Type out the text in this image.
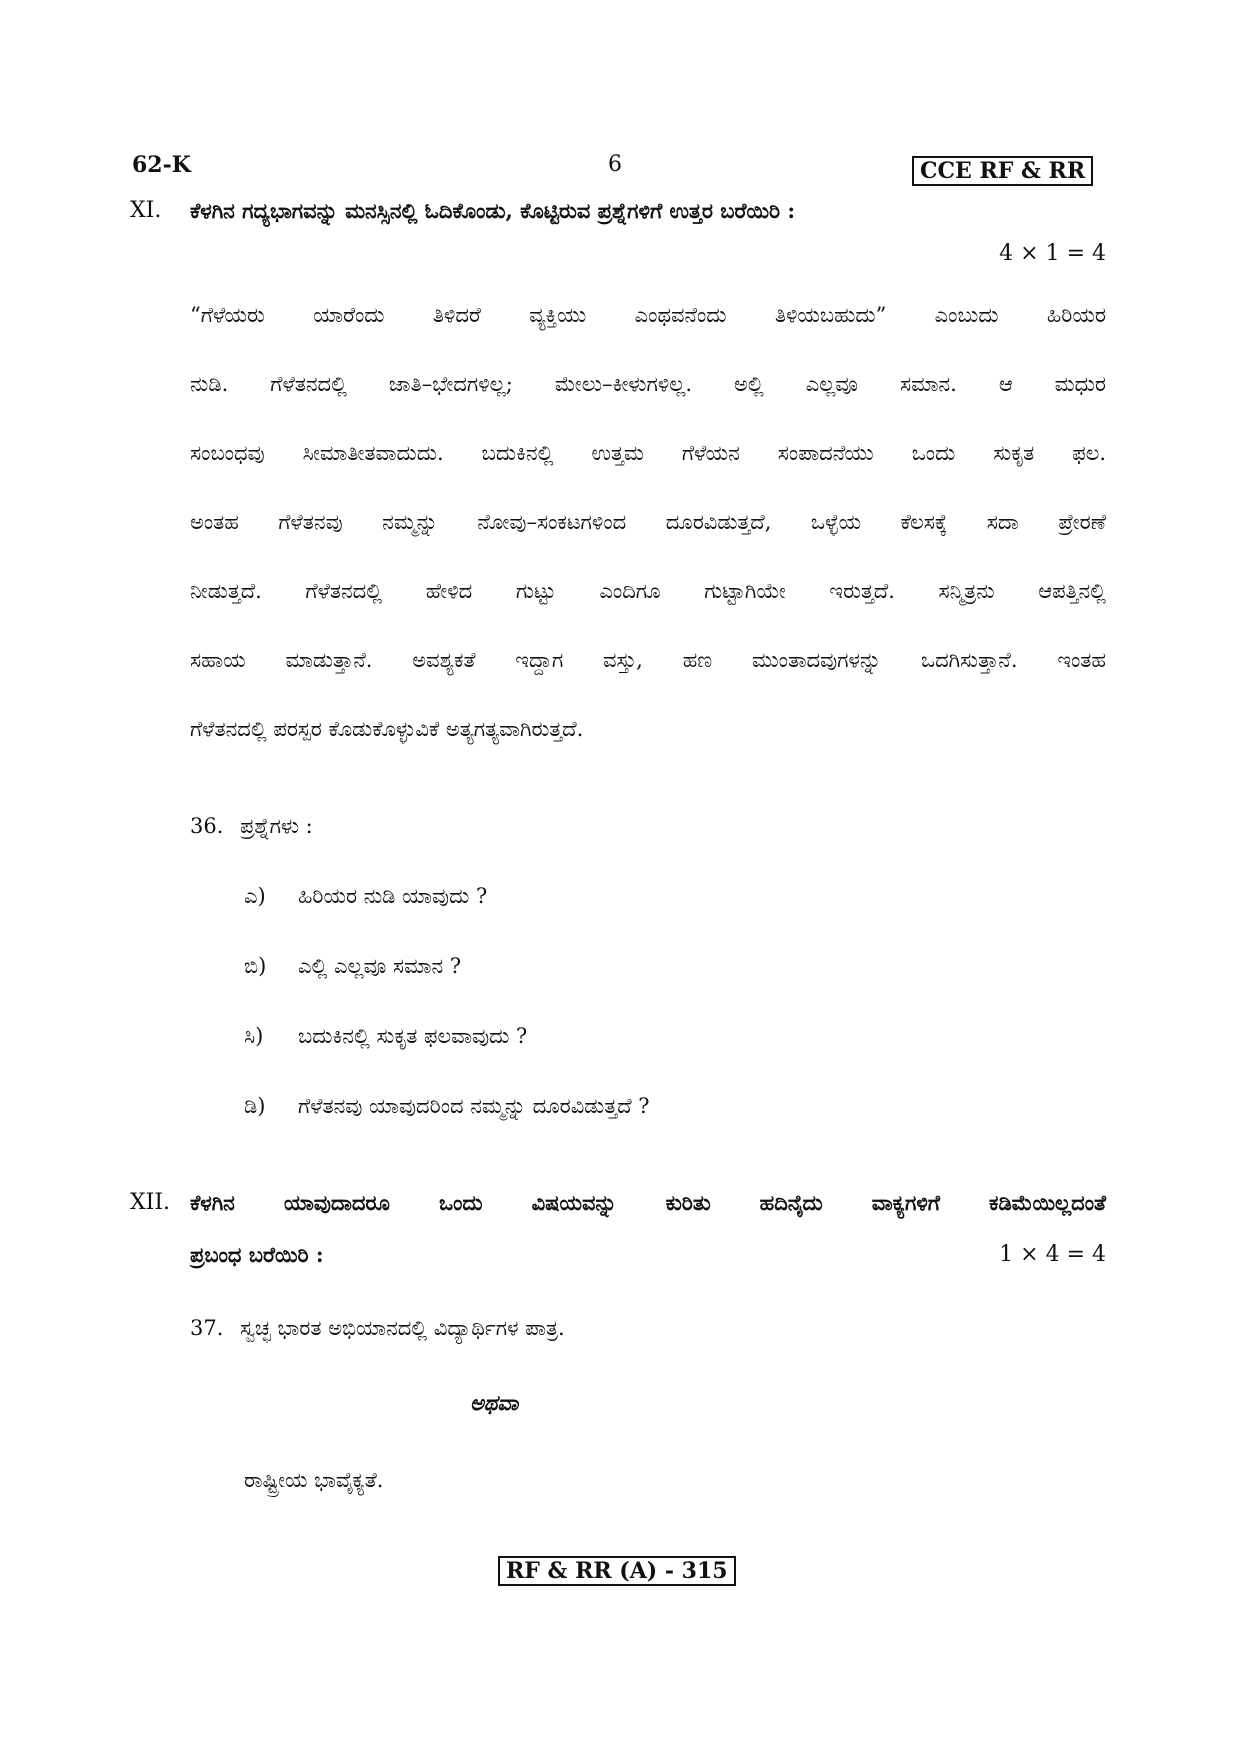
62-K	6	CCE RF & RR
XI. ಕೆಳಗಿನ ಗದ್ಯಭಾಗವನ್ನು ಮನಸ್ಸಿನಲ್ಲಿ ಓದಿಕೊಂಡು, ಕೊಟ್ಟಿರುವ ಪ್ರಶ್ನೆಗಳಿಗೆ ಉತ್ತರ ಬರೆಯಿರಿ :
4 × 1 = 4
“ಗೆಳೆಯರು ಯಾರೆಂದು ತಿಳಿದರೆ ವ್ಯಕ್ತಿಯು ಎಂಥವನೆಂದು ತಿಳಿಯಬಹುದು” ಎಂಬುದು ಹಿರಿಯರ
ನುಡಿ. ಗೆಳೆತನದಲ್ಲಿ ಜಾತಿ–ಭೇದಗಳಿಲ್ಲ; ಮೇಲು–ಕೀಳುಗಳಿಲ್ಲ. ಅಲ್ಲಿ ಎಲ್ಲವೂ ಸಮಾನ. ಆ ಮಧುರ
ಸಂಬಂಧವು ಸೀಮಾತೀತವಾದುದು. ಬದುಕಿನಲ್ಲಿ ಉತ್ತಮ ಗೆಳೆಯನ ಸಂಪಾದನೆಯು ಒಂದು ಸುಕೃತ ಫಲ.
ಅಂತಹ ಗೆಳೆತನವು ನಮ್ಮನ್ನು ನೋವು–ಸಂಕಟಗಳಿಂದ ದೂರವಿಡುತ್ತದೆ, ಒಳ್ಳೆಯ ಕೆಲಸಕ್ಕೆ ಸದಾ ಪ್ರೇರಣೆ
ನೀಡುತ್ತದೆ. ಗೆಳೆತನದಲ್ಲಿ ಹೇಳಿದ ಗುಟ್ಟು ಎಂದಿಗೂ ಗುಟ್ಟಾಗಿಯೇ ಇರುತ್ತದೆ. ಸನ್ಮಿತ್ರನು ಆಪತ್ತಿನಲ್ಲಿ
ಸಹಾಯ ಮಾಡುತ್ತಾನೆ. ಅವಶ್ಯಕತೆ ಇದ್ದಾಗ ವಸ್ತು, ಹಣ ಮುಂತಾದವುಗಳನ್ನು ಒದಗಿಸುತ್ತಾನೆ. ಇಂತಹ
ಗೆಳೆತನದಲ್ಲಿ ಪರಸ್ಪರ ಕೊಡುಕೊಳ್ಳುವಿಕೆ ಅತ್ಯಗತ್ಯವಾಗಿರುತ್ತದೆ.
36. ಪ್ರಶ್ನೆಗಳು :
ಎ) ಹಿರಿಯರ ನುಡಿ ಯಾವುದು ?
ಬಿ) ಎಲ್ಲಿ ಎಲ್ಲವೂ ಸಮಾನ ?
ಸಿ) ಬದುಕಿನಲ್ಲಿ ಸುಕೃತ ಫಲವಾವುದು ?
ಡಿ) ಗೆಳೆತನವು ಯಾವುದರಿಂದ ನಮ್ಮನ್ನು ದೂರವಿಡುತ್ತದೆ ?
XII. ಕೆಳಗಿನ ಯಾವುದಾದರೂ ಒಂದು ವಿಷಯವನ್ನು ಕುರಿತು ಹದಿನೈದು ವಾಕ್ಯಗಳಿಗೆ ಕಡಿಮೆಯಿಲ್ಲದಂತೆ
ಪ್ರಬಂಧ ಬರೆಯಿರಿ :	1 × 4 = 4
37. ಸ್ವಚ್ಛ ಭಾರತ ಅಭಿಯಾನದಲ್ಲಿ ವಿದ್ಯಾರ್ಥಿಗಳ ಪಾತ್ರ.
ಅಥವಾ
ರಾಷ್ಟ್ರೀಯ ಭಾವೈಕ್ಯತೆ.
RF & RR (A) - 315
